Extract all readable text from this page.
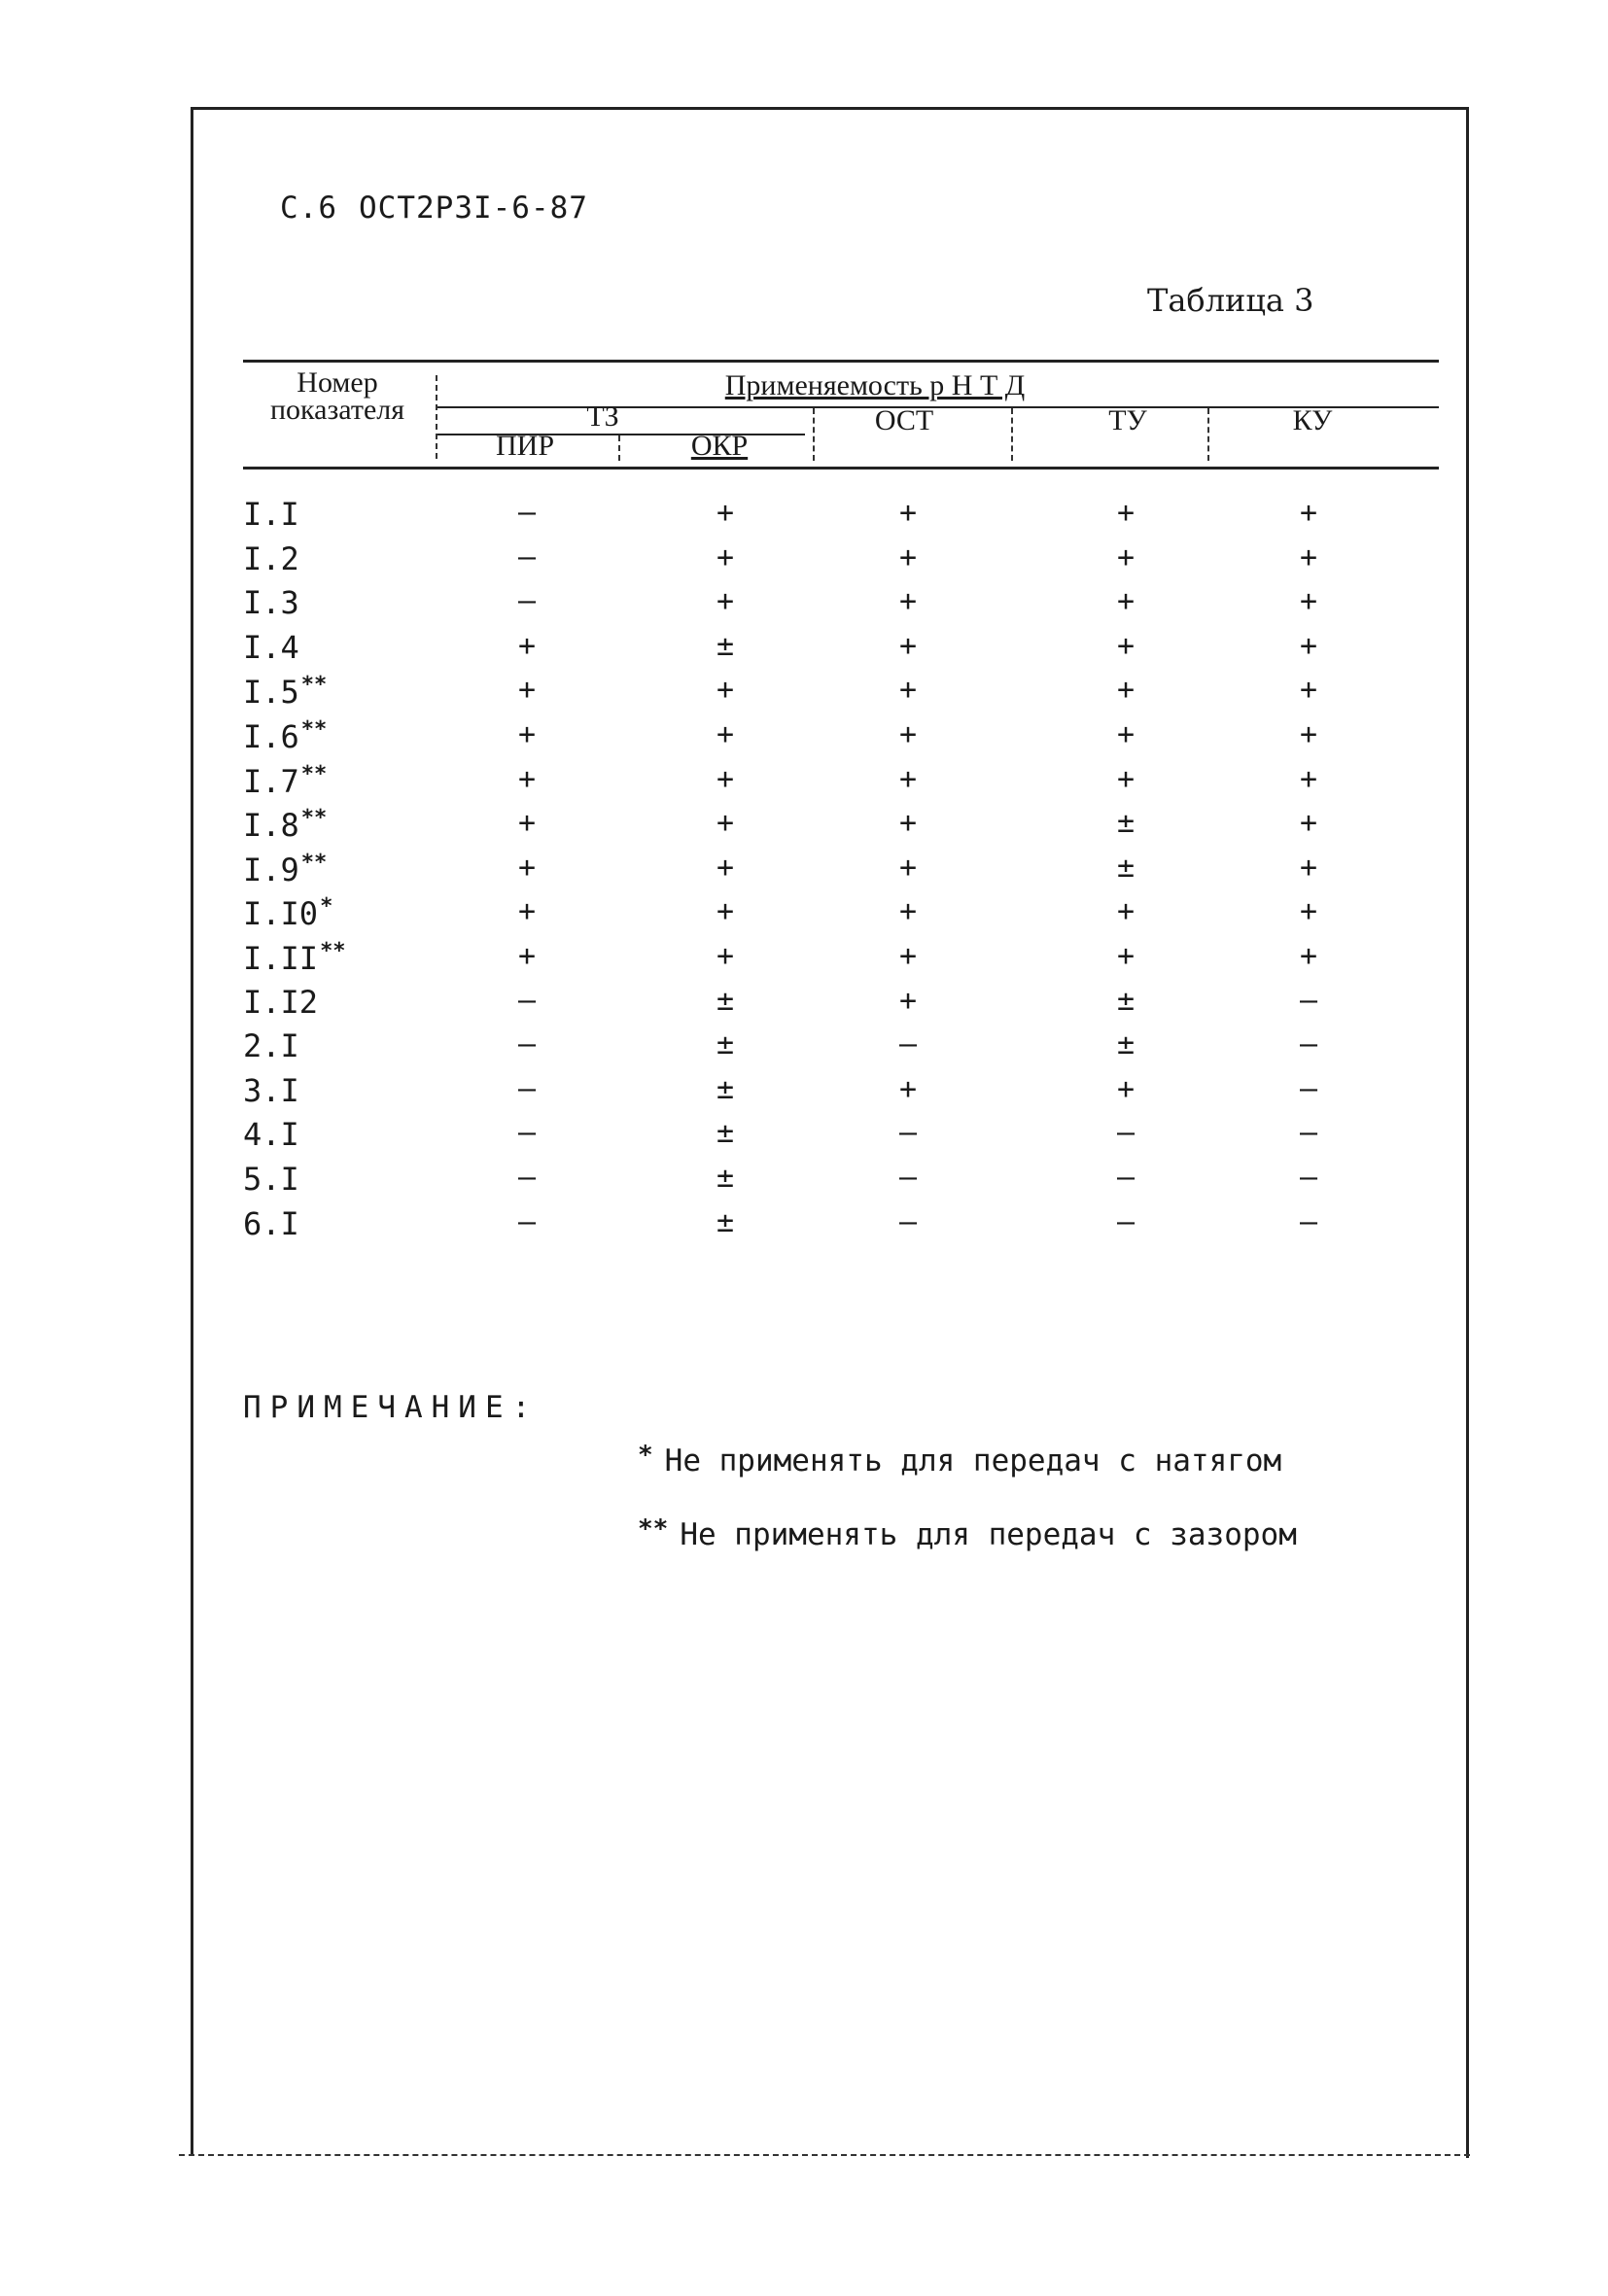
С.6 ОСТ2Р3I-6-87
Таблица 3
Номер показателя
Применяемость р Н Т Д
ТЗ
ПИР	ОКР
ОСТ	ТУ	КУ
I.I	–	+	+	+	+
I.2	–	+	+	+	+
I.3	–	+	+	+	+
I.4	+	±	+	+	+
I.5**	+	+	+	+	+
I.6**	+	+	+	+	+
I.7**	+	+	+	+	+
I.8**	+	+	+	±	+
I.9**	+	+	+	±	+
I.I0*	+	+	+	+	+
I.II**	+	+	+	+	+
I.I2	–	±	+	±	–
2.I	–	±	–	±	–
3.I	–	±	+	+	–
4.I	–	±	–	–	–
5.I	–	±	–	–	–
6.I	–	±	–	–	–
ПРИМЕЧАНИЕ:
* Не применять для передач с натягом
** Не применять для передач с зазором
